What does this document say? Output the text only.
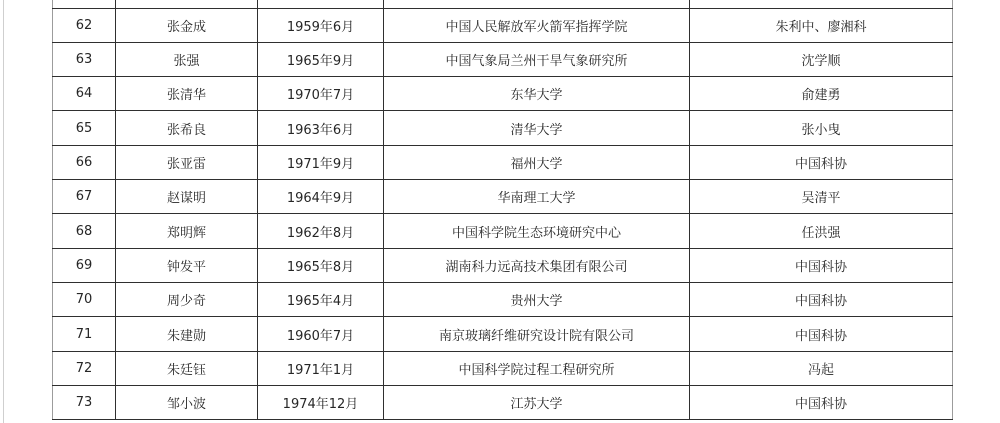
62	张金成	1959年6月	中国人民解放军火箭军指挥学院	朱利中、廖湘科
63	张强	1965年9月	中国气象局兰州干旱气象研究所	沈学顺
64	张清华	1970年7月	东华大学	俞建勇
65	张希良	1963年6月	清华大学	张小曳
66	张亚雷	1971年9月	福州大学	中国科协
67	赵谋明	1964年9月	华南理工大学	吴清平
68	郑明辉	1962年8月	中国科学院生态环境研究中心	任洪强
69	钟发平	1965年8月	湖南科力远高技术集团有限公司	中国科协
70	周少奇	1965年4月	贵州大学	中国科协
71	朱建勋	1960年7月	南京玻璃纤维研究设计院有限公司	中国科协
72	朱廷钰	1971年1月	中国科学院过程工程研究所	冯起
73	邹小波	1974年12月	江苏大学	中国科协
